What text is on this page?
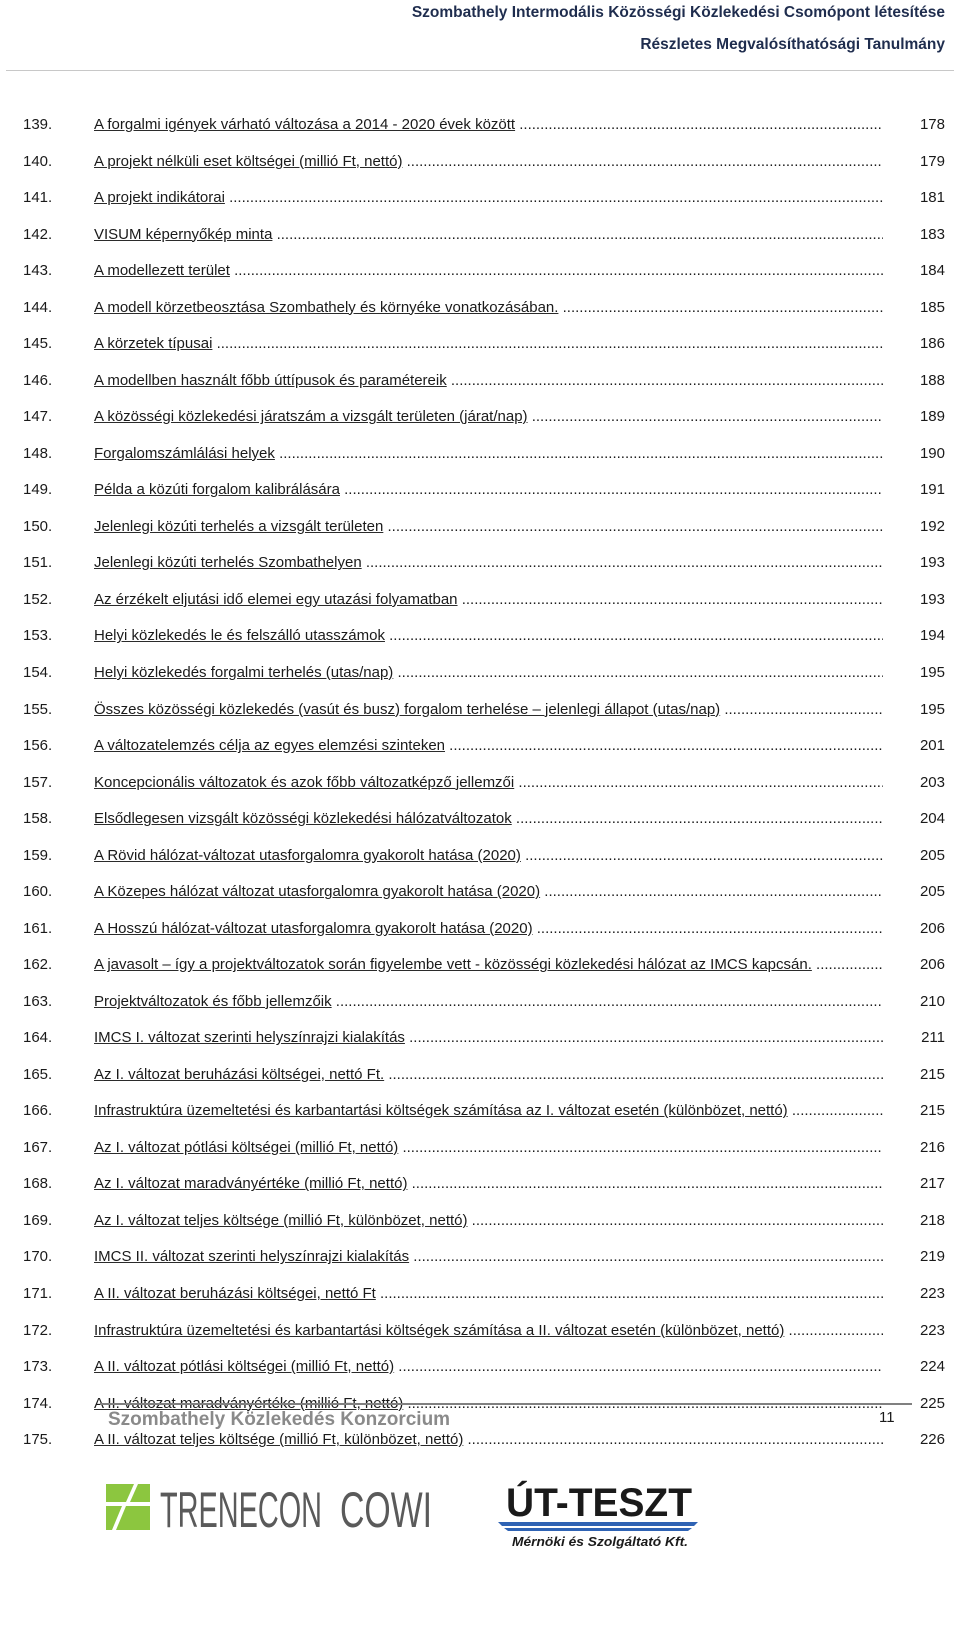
Szombathely Intermodális Közösségi Közlekedési Csomópont létesítése
Részletes Megvalósíthatósági Tanulmány
139.	A forgalmi igények várható változása a 2014 - 2020 évek között .....	178
140.	A projekt nélküli eset költségei (millió Ft, nettó) .....	179
141.	A projekt indikátorai .....	181
142.	VISUM képernyőkép minta .....	183
143.	A modellezett terület .....	184
144.	A modell körzetbeosztása Szombathely és környéke vonatkozásában. .....	185
145.	A körzetek típusai .....	186
146.	A modellben használt főbb úttípusok és paramétereik .....	188
147.	A közösségi közlekedési járatszám a vizsgált területen (járat/nap) .....	189
148.	Forgalomszámlálási helyek .....	190
149.	Példa a közúti forgalom kalibrálására .....	191
150.	Jelenlegi közúti terhelés a vizsgált területen .....	192
151.	Jelenlegi közúti terhelés Szombathelyen .....	193
152.	Az érzékelt eljutási idő elemei egy utazási folyamatban .....	193
153.	Helyi közlekedés le és felszálló utasszámok .....	194
154.	Helyi közlekedés forgalmi terhelés (utas/nap) .....	195
155.	Összes közösségi közlekedés (vasút és busz) forgalom terhelése – jelenlegi állapot (utas/nap) .....	195
156.	A változatelemzés célja az egyes elemzési szinteken .....	201
157.	Koncepcionális változatok és azok főbb változatképző jellemzői .....	203
158.	Elsődlegesen vizsgált közösségi közlekedési hálózatváltozatok .....	204
159.	A Rövid hálózat-változat utasforgalomra gyakorolt hatása (2020) .....	205
160.	A Közepes hálózat változat utasforgalomra gyakorolt hatása (2020) .....	205
161.	A Hosszú hálózat-változat utasforgalomra gyakorolt hatása (2020) .....	206
162.	A javasolt – így a projektváltozatok során figyelembe vett - közösségi közlekedési hálózat az IMCS kapcsán. .....	206
163.	Projektváltozatok és főbb jellemzőik .....	210
164.	IMCS I. változat szerinti helyszínrajzi kialakítás .....	211
165.	Az I. változat beruházási költségei, nettó Ft. .....	215
166.	Infrastruktúra üzemeltetési és karbantartási költségek számítása az I. változat esetén (különbözet, nettó) .....	215
167.	Az I. változat pótlási költségei (millió Ft, nettó) .....	216
168.	Az I. változat maradványértéke (millió Ft, nettó) .....	217
169.	Az I. változat teljes költsége (millió Ft, különbözet, nettó) .....	218
170.	IMCS II. változat szerinti helyszínrajzi kialakítás .....	219
171.	A II. változat beruházási költségei, nettó Ft .....	223
172.	Infrastruktúra üzemeltetési és karbantartási költségek számítása a II. változat esetén (különbözet, nettó) .....	223
173.	A II. változat pótlási költségei (millió Ft, nettó) .....	224
174.	A II. változat maradványértéke (millió Ft, nettó) .....	225
175.	A II. változat teljes költsége (millió Ft, különbözet, nettó) .....	226
Szombathely Közlekedés Konzorcium	11
TRENECON COWI ÚT-TESZT
Mérnöki és Szolgáltató Kft.
